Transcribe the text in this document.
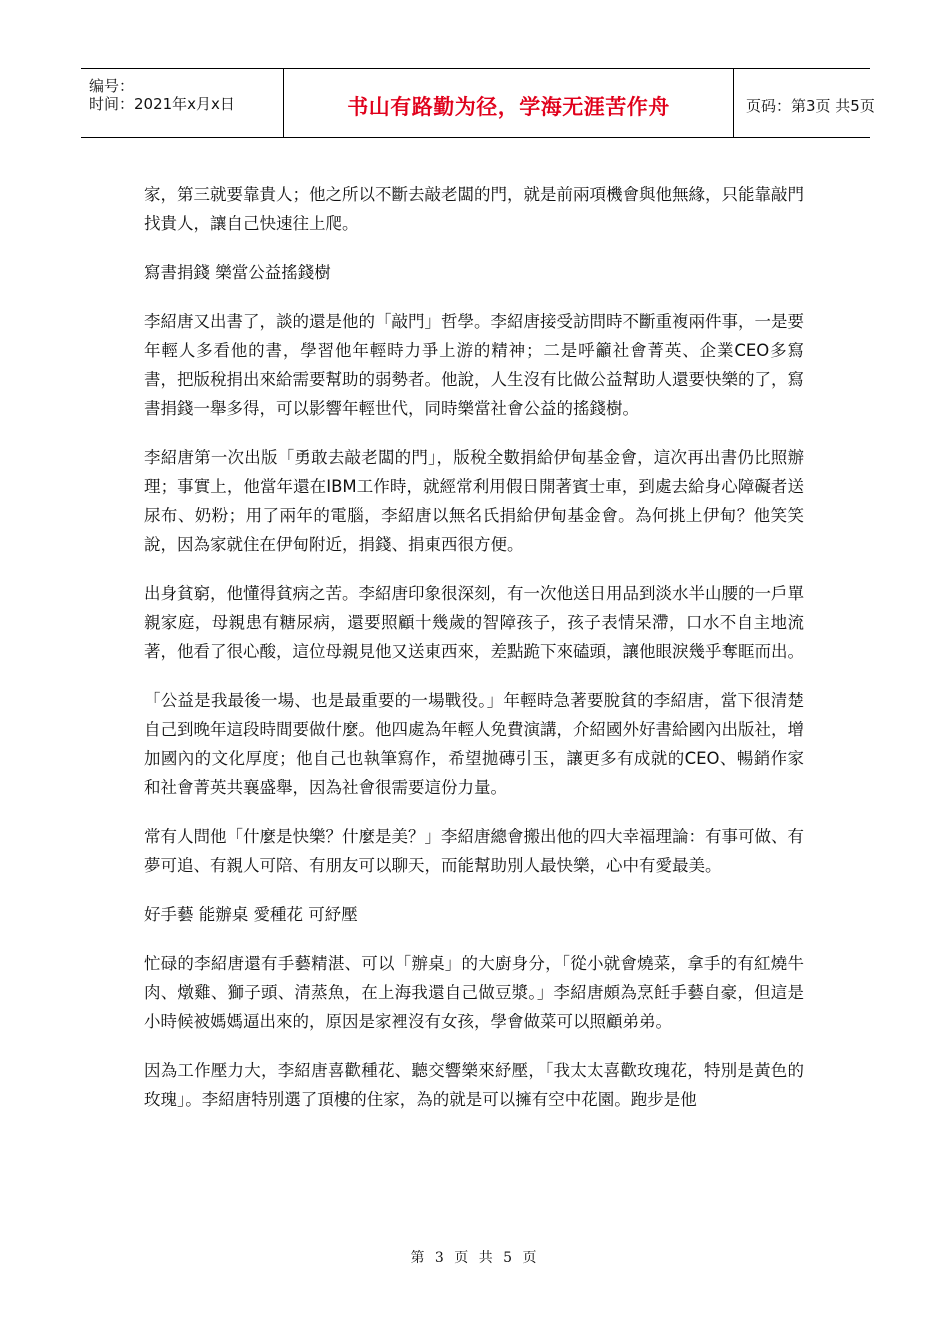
编号：
时间：2021年x月x日	书山有路勤为径，学海无涯苦作舟	页码：第3页 共5页

家，第三就要靠貴人；他之所以不斷去敲老闆的門，就是前兩項機會與他無緣，只能靠敲門找貴人，讓自己快速往上爬。

寫書捐錢 樂當公益搖錢樹

李紹唐又出書了，談的還是他的「敲門」哲學。李紹唐接受訪問時不斷重複兩件事，一是要年輕人多看他的書，學習他年輕時力爭上游的精神；二是呼籲社會菁英、企業CEO多寫書，把版稅捐出來給需要幫助的弱勢者。他說，人生沒有比做公益幫助人還要快樂的了，寫書捐錢一舉多得，可以影響年輕世代，同時樂當社會公益的搖錢樹。

李紹唐第一次出版「勇敢去敲老闆的門」，版稅全數捐給伊甸基金會，這次再出書仍比照辦理；事實上，他當年還在IBM工作時，就經常利用假日開著賓士車，到處去給身心障礙者送尿布、奶粉；用了兩年的電腦，李紹唐以無名氏捐給伊甸基金會。為何挑上伊甸？他笑笑說，因為家就住在伊甸附近，捐錢、捐東西很方便。

出身貧窮，他懂得貧病之苦。李紹唐印象很深刻，有一次他送日用品到淡水半山腰的一戶單親家庭，母親患有糖尿病，還要照顧十幾歲的智障孩子，孩子表情呆滯，口水不自主地流著，他看了很心酸，這位母親見他又送東西來，差點跪下來磕頭，讓他眼淚幾乎奪眶而出。

「公益是我最後一場、也是最重要的一場戰役。」年輕時急著要脫貧的李紹唐，當下很清楚自己到晚年這段時間要做什麼。他四處為年輕人免費演講，介紹國外好書給國內出版社，增加國內的文化厚度；他自己也執筆寫作，希望拋磚引玉，讓更多有成就的CEO、暢銷作家和社會菁英共襄盛舉，因為社會很需要這份力量。

常有人問他「什麼是快樂？什麼是美？」李紹唐總會搬出他的四大幸福理論：有事可做、有夢可追、有親人可陪、有朋友可以聊天，而能幫助別人最快樂，心中有愛最美。

好手藝 能辦桌 愛種花 可紓壓

忙碌的李紹唐還有手藝精湛、可以「辦桌」的大廚身分，「從小就會燒菜，拿手的有紅燒牛肉、燉雞、獅子頭、清蒸魚，在上海我還自己做豆漿。」李紹唐頗為烹飪手藝自豪，但這是小時候被媽媽逼出來的，原因是家裡沒有女孩，學會做菜可以照顧弟弟。

因為工作壓力大，李紹唐喜歡種花、聽交響樂來紓壓，「我太太喜歡玫瑰花，特別是黃色的玫瑰」。李紹唐特別選了頂樓的住家，為的就是可以擁有空中花園。跑步是他

第 3 页 共 5 页
